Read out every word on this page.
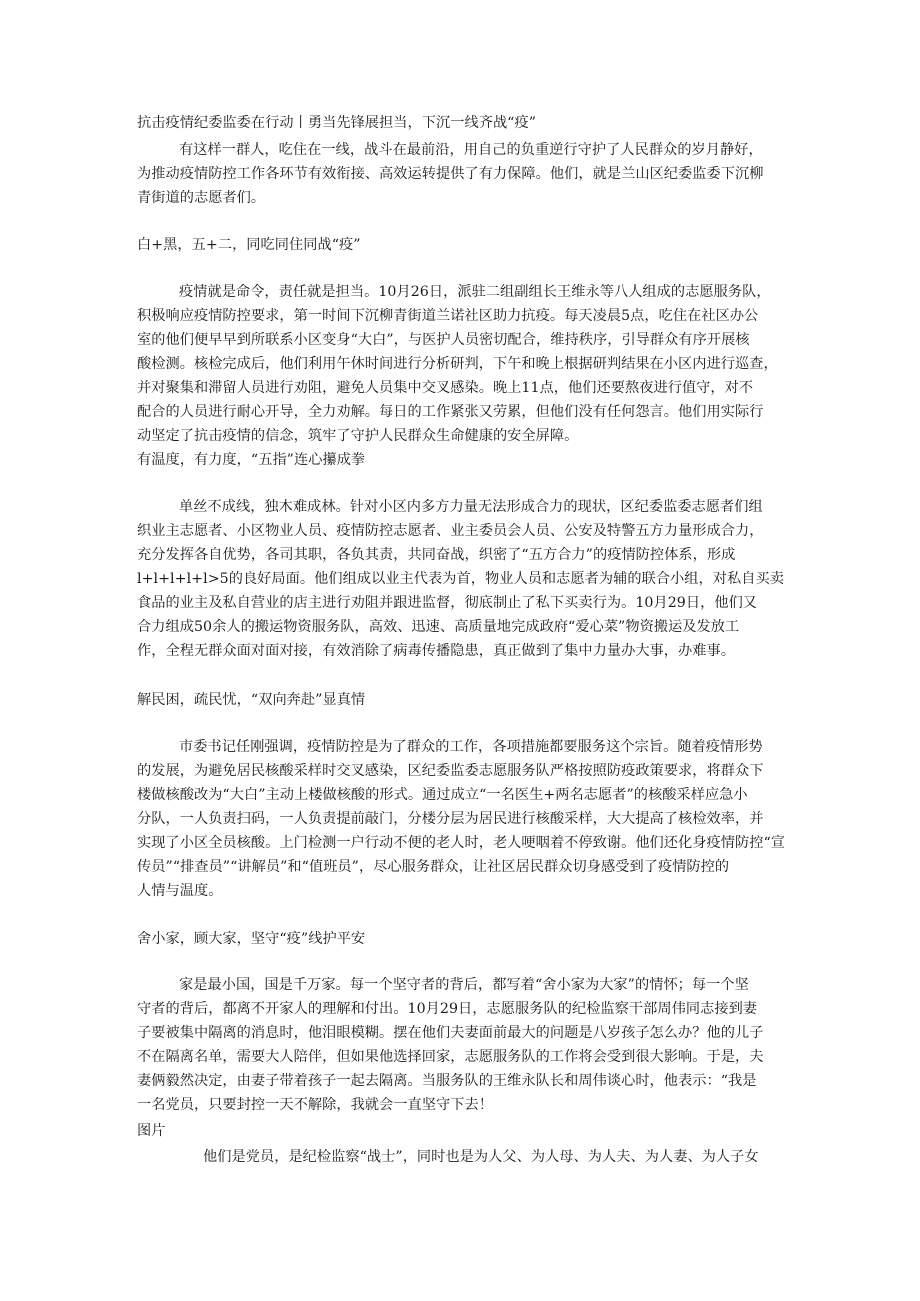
抗击疫情纪委监委在行动丨勇当先锋展担当，下沉一线齐战“疫”
有这样一群人，吃住在一线，战斗在最前沿，用自己的负重逆行守护了人民群众的岁月静好，
为推动疫情防控工作各环节有效衔接、高效运转提供了有力保障。他们，就是兰山区纪委监委下沉柳
青街道的志愿者们。
白+黑，五+二，同吃同住同战“疫”
疫情就是命令，责任就是担当。10月26日，派驻二组副组长王维永等八人组成的志愿服务队，
积极响应疫情防控要求，第一时间下沉柳青街道兰诺社区助力抗疫。每天凌晨5点，吃住在社区办公
室的他们便早早到所联系小区变身“大白”，与医护人员密切配合，维持秩序，引导群众有序开展核
酸检测。核检完成后，他们利用午休时间进行分析研判，下午和晚上根据研判结果在小区内进行巡查，
并对聚集和滞留人员进行劝阻，避免人员集中交叉感染。晚上11点，他们还要熬夜进行值守，对不
配合的人员进行耐心开导，全力劝解。每日的工作紧张又劳累，但他们没有任何怨言。他们用实际行
动坚定了抗击疫情的信念，筑牢了守护人民群众生命健康的安全屏障。
有温度，有力度，“五指”连心攥成拳
单丝不成线，独木难成林。针对小区内多方力量无法形成合力的现状，区纪委监委志愿者们组
织业主志愿者、小区物业人员、疫情防控志愿者、业主委员会人员、公安及特警五方力量形成合力，
充分发挥各自优势，各司其职，各负其责，共同奋战，织密了“五方合力”的疫情防控体系，形成
l+l+l+l+l>5的良好局面。他们组成以业主代表为首，物业人员和志愿者为辅的联合小组，对私自买卖
食品的业主及私自营业的店主进行劝阻并跟进监督，彻底制止了私下买卖行为。10月29日，他们又
合力组成50余人的搬运物资服务队，高效、迅速、高质量地完成政府“爱心菜”物资搬运及发放工
作，全程无群众面对面对接，有效消除了病毒传播隐患，真正做到了集中力量办大事，办难事。
解民困，疏民忧，“双向奔赴”显真情
市委书记任刚强调，疫情防控是为了群众的工作，各项措施都要服务这个宗旨。随着疫情形势
的发展，为避免居民核酸采样时交叉感染，区纪委监委志愿服务队严格按照防疫政策要求，将群众下
楼做核酸改为“大白”主动上楼做核酸的形式。通过成立“一名医生+两名志愿者”的核酸采样应急小
分队，一人负责扫码，一人负责提前敲门，分楼分层为居民进行核酸采样，大大提高了核检效率，并
实现了小区全员核酸。上门检测一户行动不便的老人时，老人哽咽着不停致谢。他们还化身疫情防控“宣
传员”“排查员”“讲解员”和“值班员”，尽心服务群众，让社区居民群众切身感受到了疫情防控的
人情与温度。
舍小家，顾大家，坚守“疫”线护平安
家是最小国，国是千万家。每一个坚守者的背后，都写着“舍小家为大家”的情怀；每一个坚
守者的背后，都离不开家人的理解和付出。10月29日，志愿服务队的纪检监察干部周伟同志接到妻
子要被集中隔离的消息时，他泪眼模糊。摆在他们夫妻面前最大的问题是八岁孩子怎么办？他的儿子
不在隔离名单，需要大人陪伴，但如果他选择回家，志愿服务队的工作将会受到很大影响。于是，夫
妻俩毅然决定，由妻子带着孩子一起去隔离。当服务队的王维永队长和周伟谈心时，他表示：“我是
一名党员，只要封控一天不解除，我就会一直坚守下去！
图片
他们是党员，是纪检监察“战士”，同时也是为人父、为人母、为人夫、为人妻、为人子女
